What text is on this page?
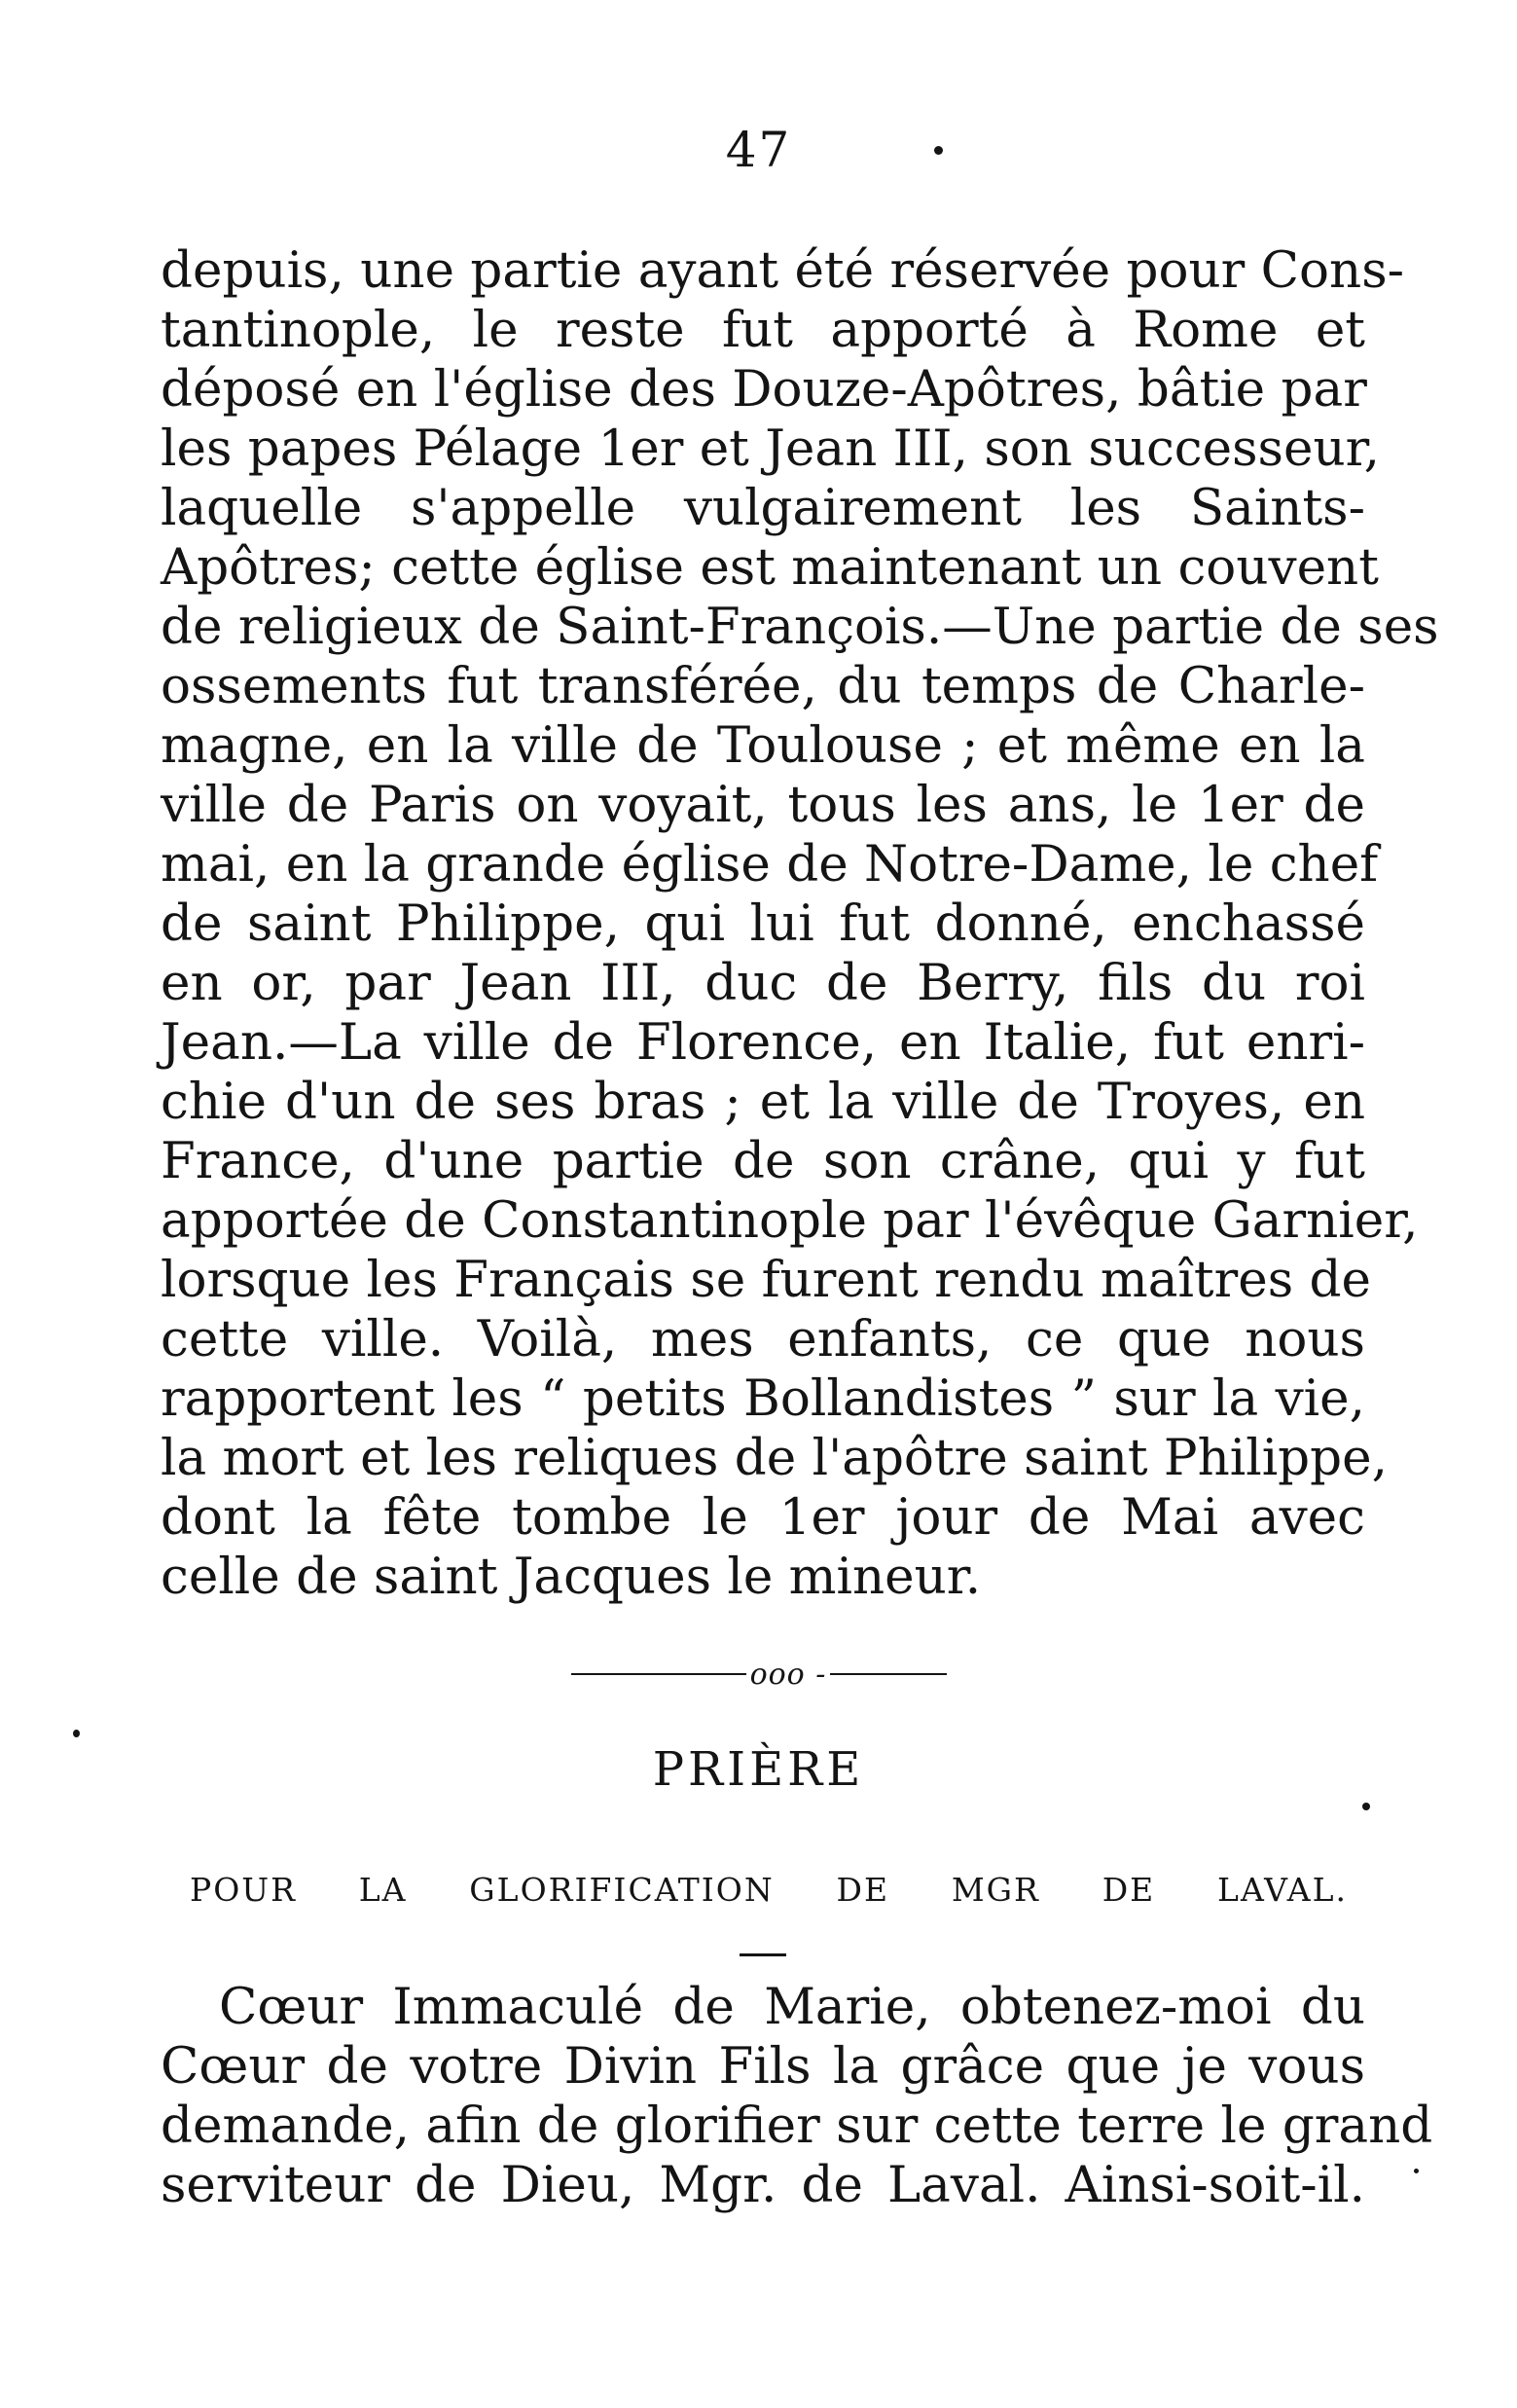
47

depuis, une partie ayant été réservée pour Cons-
tantinople, le reste fut apporté à Rome et
déposé en l'église des Douze-Apôtres, bâtie par
les papes Pélage 1er et Jean III, son successeur,
laquelle s'appelle vulgairement les Saints-
Apôtres; cette église est maintenant un couvent
de religieux de Saint-François.—Une partie de ses
ossements fut transférée, du temps de Charle-
magne, en la ville de Toulouse ; et même en la
ville de Paris on voyait, tous les ans, le 1er de
mai, en la grande église de Notre-Dame, le chef
de saint Philippe, qui lui fut donné, enchassé
en or, par Jean III, duc de Berry, fils du roi
Jean.—La ville de Florence, en Italie, fut enri-
chie d'un de ses bras ; et la ville de Troyes, en
France, d'une partie de son crâne, qui y fut
apportée de Constantinople par l'évêque Garnier,
lorsque les Français se furent rendu maîtres de
cette ville. Voilà, mes enfants, ce que nous
rapportent les “ petits Bollandistes ” sur la vie,
la mort et les reliques de l'apôtre saint Philippe,
dont la fête tombe le 1er jour de Mai avec
celle de saint Jacques le mineur.

ooo -
PRIÈRE
POUR LA GLORIFICATION DE MGR DE LAVAL.

Cœur Immaculé de Marie, obtenez-moi du
Cœur de votre Divin Fils la grâce que je vous
demande, afin de glorifier sur cette terre le grand
serviteur de Dieu, Mgr. de Laval. Ainsi-soit-il.
